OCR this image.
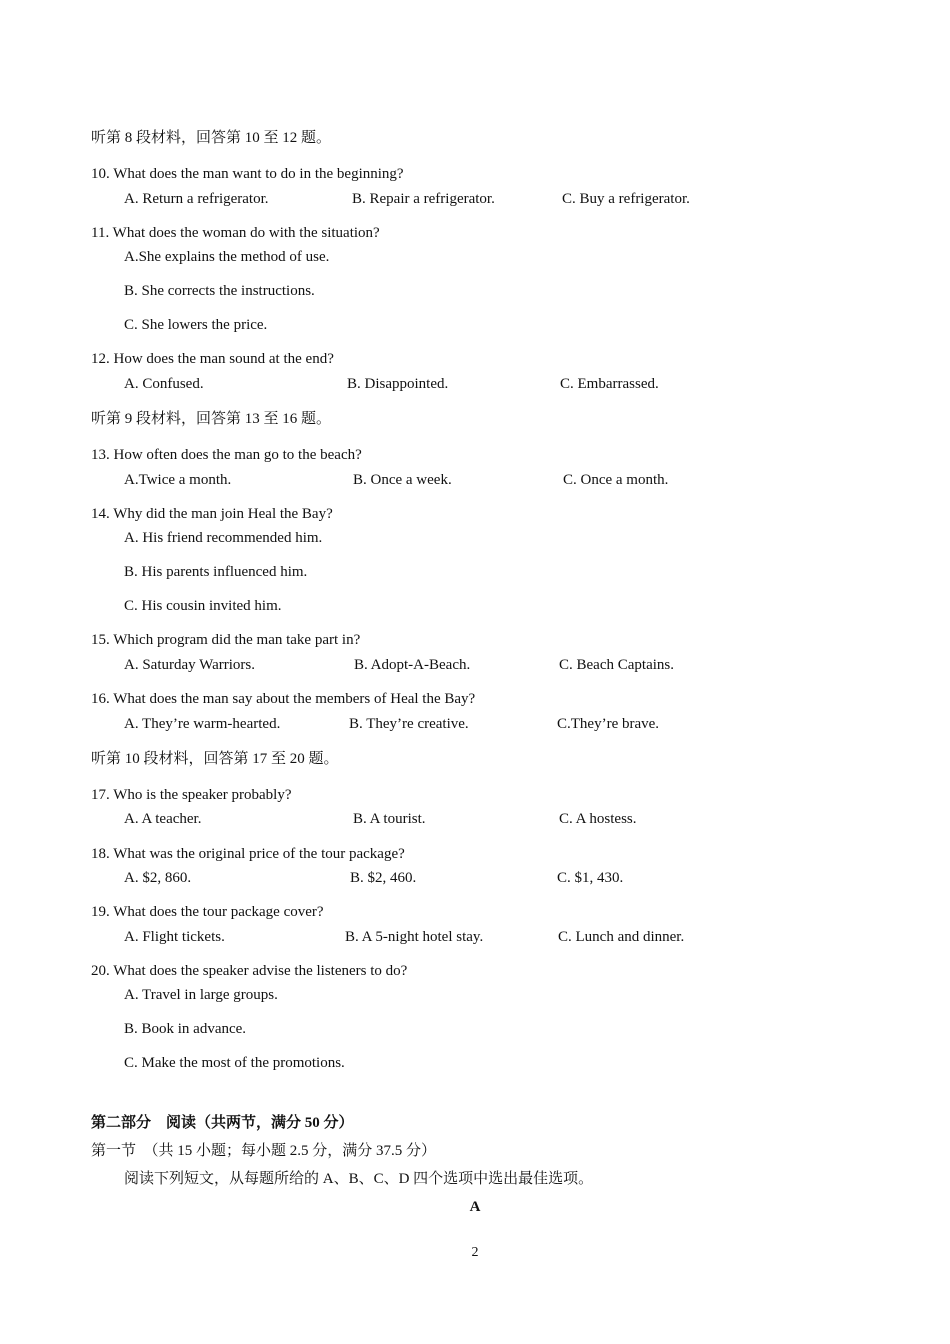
听第 8 段材料，回答第 10 至 12 题。
10. What does the man want to do in the beginning?
A. Return a refrigerator.	B. Repair a refrigerator.	C. Buy a refrigerator.
11. What does the woman do with the situation?
A.She explains the method of use.
B. She corrects the instructions.
C. She lowers the price.
12. How does the man sound at the end?
A. Confused.	B. Disappointed.	C. Embarrassed.
听第 9 段材料，回答第 13 至 16 题。
13. How often does the man go to the beach?
A.Twice a month.	B. Once a week.	C. Once a month.
14. Why did the man join Heal the Bay?
A. His friend recommended him.
B. His parents influenced him.
C. His cousin invited him.
15. Which program did the man take part in?
A. Saturday Warriors.	B. Adopt-A-Beach.	C. Beach Captains.
16. What does the man say about the members of Heal the Bay?
A. They’re warm-hearted.	B. They’re creative.	C.They’re brave.
听第 10 段材料，回答第 17 至 20 题。
17. Who is the speaker probably?
A. A teacher.	B. A tourist.	C. A hostess.
18. What was the original price of the tour package?
A. $2, 860.	B. $2, 460.	C. $1, 430.
19. What does the tour package cover?
A. Flight tickets.	B. A 5-night hotel stay.	C. Lunch and dinner.
20. What does the speaker advise the listeners to do?
A. Travel in large groups.
B. Book in advance.
C. Make the most of the promotions.
第二部分　阅读（共两节，满分 50 分）
第一节　（共 15 小题；每小题 2.5 分，满分 37.5 分）
阅读下列短文，从每题所给的 A、B、C、D 四个选项中选出最佳选项。
A
2
